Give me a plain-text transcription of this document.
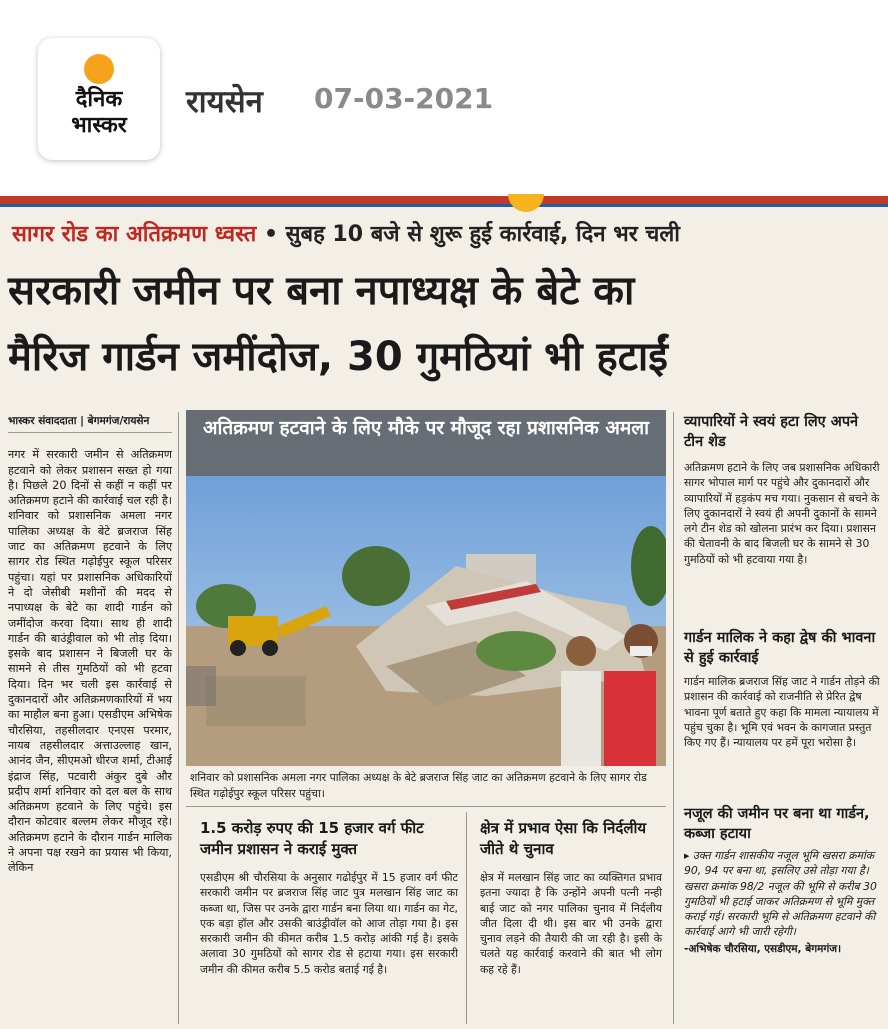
दैनिक
भास्कर
रायसेन 07-03-2021
सागर रोड का अतिक्रमण ध्वस्त • सुबह 10 बजे से शुरू हुई कार्रवाई, दिन भर चली
सरकारी जमीन पर बना नपाध्यक्ष के बेटे का
मैरिज गार्डन जमींदोज, 30 गुमठियां भी हटाईं
भास्कर संवाददाता | बेगमगंज/रायसेन
नगर में सरकारी जमीन से अतिक्रमण हटवाने को लेकर प्रशासन सख्त हो गया है। पिछले 20 दिनों से कहीं न कहीं पर अतिक्रमण हटाने की कार्रवाई चल रही है। शनिवार को प्रशासनिक अमला नगर पालिका अध्यक्ष के बेटे ब्रजराज सिंह जाट का अतिक्रमण हटवाने के लिए सागर रोड स्थित गढ़ोईपुर स्कूल परिसर पहुंचा। यहां पर प्रशासनिक अधिकारियों ने दो जेसीबी मशीनों की मदद से नपाध्यक्ष के बेटे का शादी गार्डन को जमींदोज करवा दिया। साथ ही शादी गार्डन की बाउंड्रीवाल को भी तोड़ दिया। इसके बाद प्रशासन ने बिजली घर के सामने से तीस गुमठियों को भी हटवा दिया। दिन भर चली इस कार्रवाई से दुकानदारों और अतिक्रमणकारियों में भय का माहौल बना हुआ। एसडीएम अभिषेक चौरसिया, तहसीलदार एनएस परमार, नायब तहसीलदार अत्ताउल्लाह खान, आनंद जैन, सीएमओ धीरज शर्मा, टीआई इंद्राज सिंह, पटवारी अंकुर दुबे और प्रदीप शर्मा शनिवार को दल बल के साथ अतिक्रमण हटवाने के लिए पहुंचे। इस दौरान कोटवार बल्लम लेकर मौजूद रहे। अतिक्रमण हटाने के दौरान गार्डन मालिक ने अपना पक्ष रखने का प्रयास भी किया, लेकिन
अतिक्रमण हटवाने के लिए मौके पर मौजूद रहा प्रशासनिक अमला
शनिवार को प्रशासनिक अमला नगर पालिका अध्यक्ष के बेटे ब्रजराज सिंह जाट का अतिक्रमण हटवाने के लिए सागर रोड स्थित गढ़ोईपुर स्कूल परिसर पहुंचा।
1.5 करोड़ रुपए की 15 हजार वर्ग फीट जमीन प्रशासन ने कराई मुक्त
एसडीएम श्री चौरसिया के अनुसार गढोईपुर में 15 हजार वर्ग फीट सरकारी जमीन पर ब्रजराज सिंह जाट पुत्र मलखान सिंह जाट का कब्जा था, जिस पर उनके द्वारा गार्डन बना लिया था। गार्डन का गेट, एक बड़ा हॉल और उसकी बाउंड्रीवॉल को आज तोड़ा गया है। इस सरकारी जमीन की कीमत करीब 1.5 करोड़ आंकी गई है। इसके अलावा 30 गुमठियों को सागर रोड से हटाया गया। इस सरकारी जमीन की कीमत करीब 5.5 करोड बताई गई है।
क्षेत्र में प्रभाव ऐसा कि निर्दलीय जीते थे चुनाव
क्षेत्र में मलखान सिंह जाट का व्यक्तिगत प्रभाव इतना ज्यादा है कि उन्होंने अपनी पत्नी नन्ही बाई जाट को नगर पालिका चुनाव में निर्दलीय जीत दिला दी थी। इस बार भी उनके द्वारा चुनाव लड़ने की तैयारी की जा रही है। इसी के चलते यह कार्रवाई करवाने की बात भी लोग कह रहे हैं।
व्यापारियों ने स्वयं हटा लिए अपने टीन शेड
अतिक्रमण हटाने के लिए जब प्रशासनिक अधिकारी सागर भोपाल मार्ग पर पहुंचे और दुकानदारों और व्यापारियों में हड़कंप मच गया। नुकसान से बचने के लिए दुकानदारों ने स्वयं ही अपनी दुकानों के सामने लगे टीन शेड को खोलना प्रारंभ कर दिया। प्रशासन की चेतावनी के बाद बिजली घर के सामने से 30 गुमठियों को भी हटवाया गया है।
गार्डन मालिक ने कहा द्वेष की भावना से हुई कार्रवाई
गार्डन मालिक ब्रजराज सिंह जाट ने गार्डन तोड़ने की प्रशासन की कार्रवाई को राजनीति से प्रेरित द्वेष भावना पूर्ण बताते हुए कहा कि मामला न्यायालय में पहुंच चुका है। भूमि एवं भवन के कागजात प्रस्तुत किए गए हैं। न्यायालय पर हमें पूरा भरोसा है।
नजूल की जमीन पर बना था गार्डन, कब्जा हटाया
▸ उक्त गार्डन शासकीय नजूल भूमि खसरा क्रमांक 90, 94 पर बना था, इसलिए उसे तोड़ा गया है। खसरा क्रमांक 98/2 नजूल की भूमि से करीब 30 गुमठियों भी हटाई जाकर अतिक्रमण से भूमि मुक्त कराई गई। सरकारी भूमि से अतिक्रमण हटवाने की कार्रवाई आगे भी जारी रहेगी।
-अभिषेक चौरसिया, एसडीएम, बेगमगंज।
